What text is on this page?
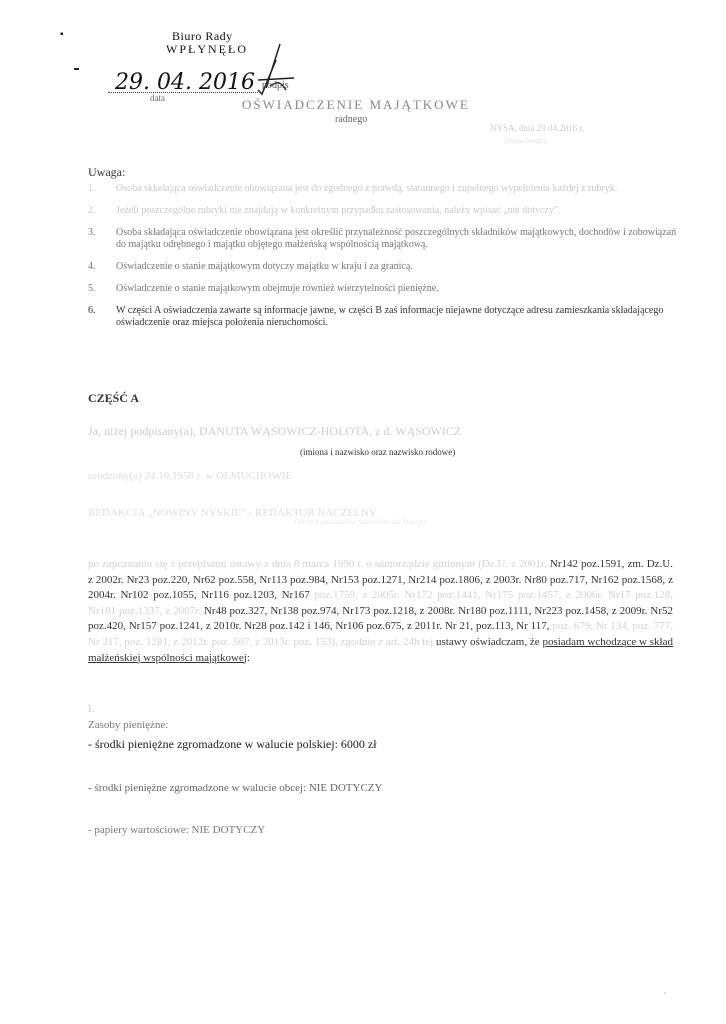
▪	Biuro Rady
WPŁYNĘŁO
29. 04. 2016
data
podpis
OŚWIADCZENIE MAJĄTKOWE
radnego
NYSA, dnia 29.04.2016 r.
(miejscowość)
Uwaga:
1.	Osoba składająca oświadczenie obowiązana jest do zgodnego z prawdą, starannego i zupełnego wypełnienia każdej z rubryk.
2.	Jeżeli poszczególne rubryki nie znajdują w konkretnym przypadku zastosowania, należy wpisać „nie dotyczy”.
3.	Osoba składająca oświadczenie obowiązana jest określić przynależność poszczególnych składników majątkowych, dochodów i zobowiązań do majątku odrębnego i majątku objętego małżeńską wspólnością majątkową.
4.	Oświadczenie o stanie majątkowym dotyczy majątku w kraju i za granicą.
5.	Oświadczenie o stanie majątkowym obejmuje również wierzytelności pieniężne.
6.	W części A oświadczenia zawarte są informacje jawne, w części B zaś informacje niejawne dotyczące adresu zamieszkania składającego oświadczenie oraz miejsca położenia nieruchomości.
CZĘŚĆ A
Ja, niżej podpisany(a), DANUTA WĄSOWICZ-HOŁOTA, z d. WĄSOWICZ
(imiona i nazwisko oraz nazwisko rodowe)
urodzony(a) 24.10.1958 r. w OLMUCHOWIE
REDAKCJA „NOWINY NYSKIE” - REDAKTOR NACZELNY
(miejsce zatrudnienia, stanowisko lub funkcja)
po zapoznaniu się z przepisami ustawy z dnia 8 marca 1990 r. o samorządzie gminnym (Dz.U. z 2001r. Nr142 poz.1591, zm. Dz.U. z 2002r. Nr23 poz.220, Nr62 poz.558, Nr113 poz.984, Nr153 poz.1271, Nr214 poz.1806, z 2003r. Nr80 poz.717, Nr162 poz.1568, z 2004r. Nr102 poz.1055, Nr116 poz.1203, Nr167 poz.1759, z 2005r. Nr172 poz.1441, Nr175 poz.1457, z 2006r. Nr17 poz.128, Nr181 poz.1337, z 2007r. Nr48 poz.327, Nr138 poz.974, Nr173 poz.1218, z 2008r. Nr180 poz.1111, Nr223 poz.1458, z 2009r. Nr52 poz.420, Nr157 poz.1241, z 2010r. Nr28 poz.142 i 146, Nr106 poz.675, z 2011r. Nr 21, poz.113, Nr 117, poz. 679, Nr 134, poz. 777, Nr 217, poz. 1281, z 2012r. poz. 567, z 2013r. poz. 153), zgodnie z art. 24h tej ustawy oświadczam, że posiadam wchodzące w skład małżeńskiej wspólności majątkowej:
I.
Zasoby pieniężne:
- środki pieniężne zgromadzone w walucie polskiej: 6000 zł
- środki pieniężne zgromadzone w walucie obcej: NIE DOTYCZY
- papiery wartościowe: NIE DOTYCZY
,
